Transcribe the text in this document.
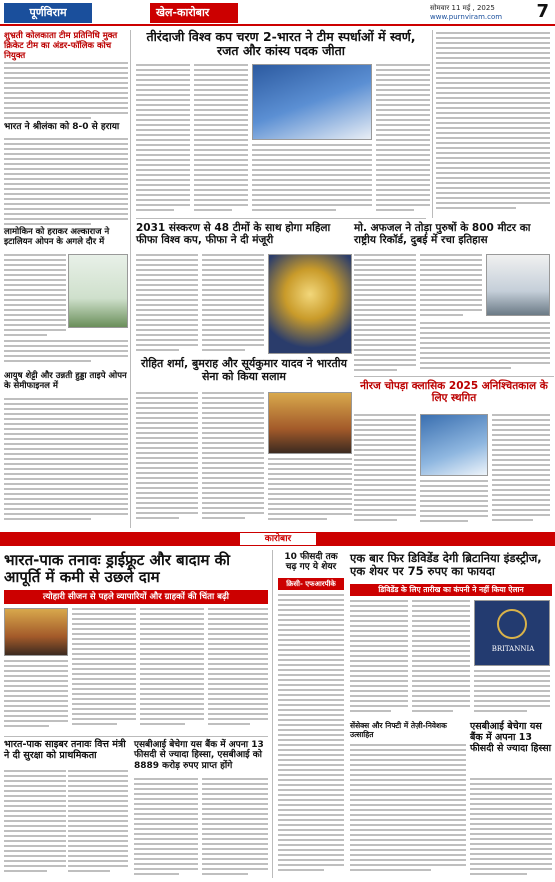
पूर्णविराम	खेल-कारोबार	सोमवार 11 मई , 2025
www.purnviram.com 7
शुभ्रती कोलकाता टीम प्रतिनिधि मुक्त क्रिकेट टीम का अंडर-फॉलिक कोच नियुक्त
भारत ने श्रीलंका को 8-0 से हराया
लामोकिन को हराकर अल्काराज ने इटालियन ओपन के अगले दौर में
आयुष शेट्टी और उन्नती हुड्डा ताइपे ओपन के सेमीफाइनल में
तीरंदाजी विश्व कप चरण 2-भारत ने टीम स्पर्धाओं में स्वर्ण, रजत और कांस्य पदक जीता
2031 संस्करण से 48 टीमों के साथ होगा महिला फीफा विश्व कप, फीफा ने दी मंजूरी
मो. अफजल ने तोड़ा पुरुषों के 800 मीटर का राष्ट्रीय रिकॉर्ड, दुबई में रचा इतिहास
रोहित शर्मा, बुमराह और सूर्यकुमार यादव ने भारतीय सेना को किया सलाम
नीरज चोपड़ा क्लासिक 2025 अनिश्चितकाल के लिए स्थगित
कारोबार
भारत-पाक तनावः ड्राईफ्रूट और बादाम की आपूर्ति में कमी से उछले दाम
त्योहारी सीजन से पहले व्यापारियों और ग्राहकों की चिंता बढ़ी
भारत-पाक साइबर तनावः वित्त मंत्री ने दी सुरक्षा को प्राथमिकता
एसबीआई बेचेगा यस बैंक में अपना 13 फीसदी से ज्यादा हिस्सा, एसबीआई को 8889 करोड़ रुपए प्राप्त होंगे
10 फीसदी तक चढ़ गए ये शेयर
क्रिसी- एफआरपीके
एक बार फिर डिविडेंड देगी ब्रिटानिया इंडस्ट्रीज, एक शेयर पर 75 रुपए का फायदा
डिविडेंड के लिए तारीख का कंपनी ने नहीं किया ऐलान
BRITANNIA
सेंसेक्स और निफ्टी में तेज़ी-निवेशक उत्साहित
एसबीआई बेचेगा यस बैंक में अपना 13 फीसदी से ज्यादा हिस्सा
